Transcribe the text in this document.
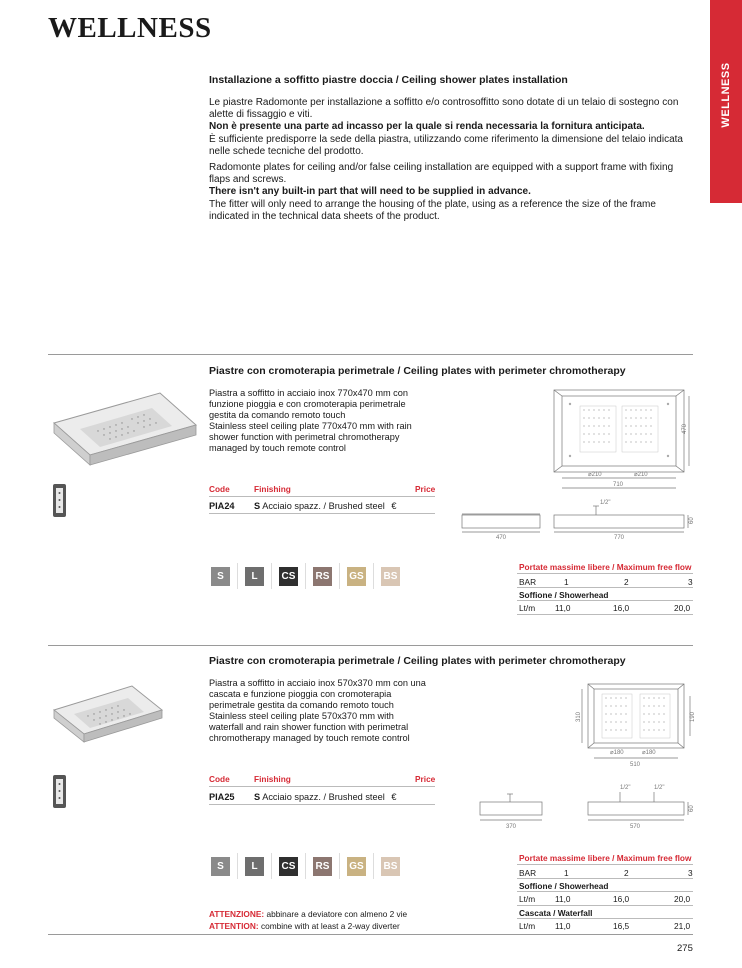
WELLNESS
WELLNESS
Installazione a soffitto piastre doccia / Ceiling shower plates installation

Le piastre Radomonte per installazione a soffitto e/o controsoffitto sono dotate di un telaio di sostegno con alette di fissaggio e viti.

Non è presente una parte ad incasso per la quale si renda necessaria la fornitura anticipata.

È sufficiente predisporre la sede della piastra, utilizzando come riferimento la dimensione del telaio indicata nelle schede tecniche del prodotto.

Radomonte plates for ceiling and/or false ceiling installation are equipped with a support frame with fixing flaps and screws.

There isn't any built-in part that will need to be supplied in advance.

The fitter will only need to arrange the housing of the plate, using as a reference the size of the frame indicated in the technical data sheets of the product.

Piastre con cromoterapia perimetrale / Ceiling plates with perimeter chromotherapy
Piastra a soffitto in acciaio inox 770x470 mm con funzione pioggia e con cromoterapia perimetrale gestita da comando remoto touch
Stainless steel ceiling plate 770x470 mm with rain shower function with perimetral chromotherapy managed by touch remote control
Code	Finishing	Price
PIA24 S Acciaio spazz. / Brushed steel €
S	L	CS RS GS BS
470
⌀210	⌀210
710
1/2"
60
470	770
Portate massime libere / Maximum free flow
BAR	1	2	3
Soffione / Showerhead
Lt/m 11,0	16,0	20,0
Piastre con cromoterapia perimetrale / Ceiling plates with perimeter chromotherapy
Piastra a soffitto in acciaio inox 570x370 mm con una cascata e funzione pioggia con cromoterapia perimetrale gestita da comando remoto touch
Stainless steel ceiling plate 570x370 mm with waterfall and rain shower function with perimetral chromotherapy managed by touch remote control
Code	Finishing	Price
PIA25 S Acciaio spazz. / Brushed steel €
S	L	CS RS GS BS
310	190
⌀180	⌀180
510
1/2"	1/2"
60
370	570
Portate massime libere / Maximum free flow
BAR	1	2	3
Soffione / Showerhead
Lt/m 11,0	16,0	20,0
Cascata / Waterfall
Lt/m 11,0	16,5	21,0
ATTENZIONE: abbinare a deviatore con almeno 2 vie
ATTENTION: combine with at least a 2-way diverter
275
